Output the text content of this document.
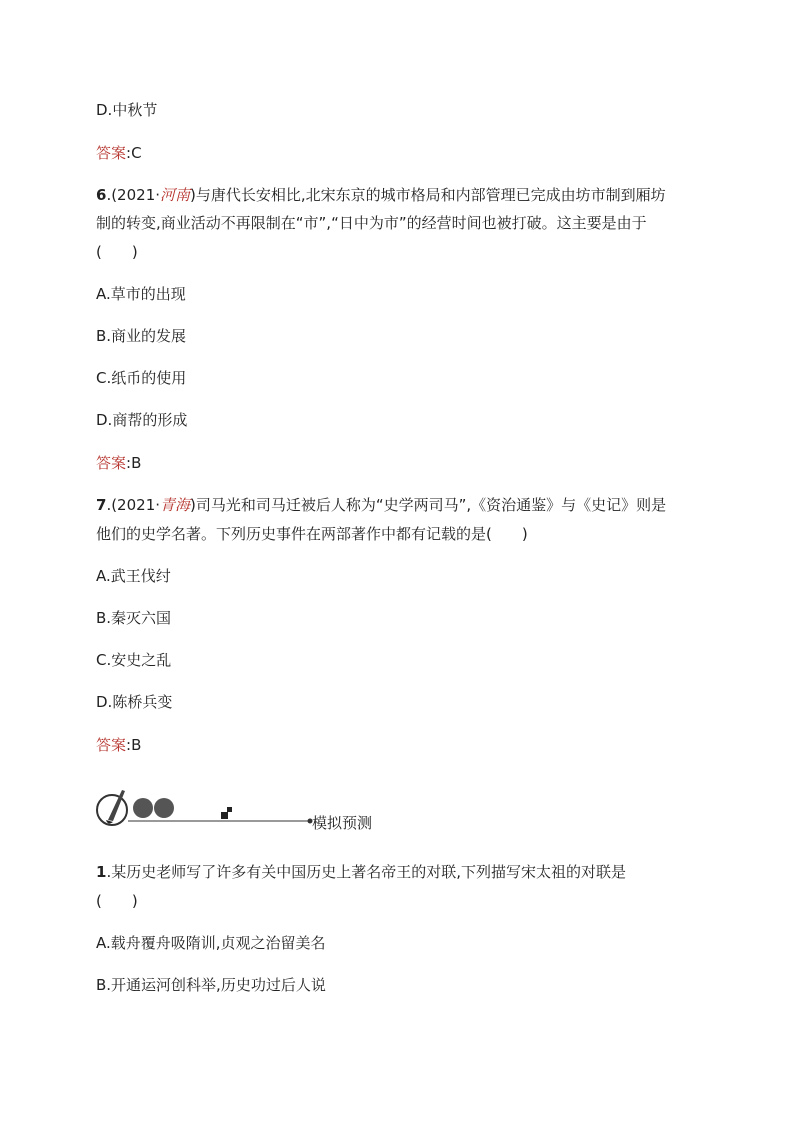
D.中秋节
答案:C
6.(2021·河南)与唐代长安相比,北宋东京的城市格局和内部管理已完成由坊市制到厢坊
制的转变,商业活动不再限制在“市”,“日中为市”的经营时间也被打破。这主要是由于
(　　)
A.草市的出现
B.商业的发展
C.纸币的使用
D.商帮的形成
答案:B
7.(2021·青海)司马光和司马迁被后人称为“史学两司马”,《资治通鉴》与《史记》则是
他们的史学名著。下列历史事件在两部著作中都有记载的是(　　)
A.武王伐纣
B.秦灭六国
C.安史之乱
D.陈桥兵变
答案:B
模拟预测
1.某历史老师写了许多有关中国历史上著名帝王的对联,下列描写宋太祖的对联是
(　　)
A.载舟覆舟吸隋训,贞观之治留美名
B.开通运河创科举,历史功过后人说
